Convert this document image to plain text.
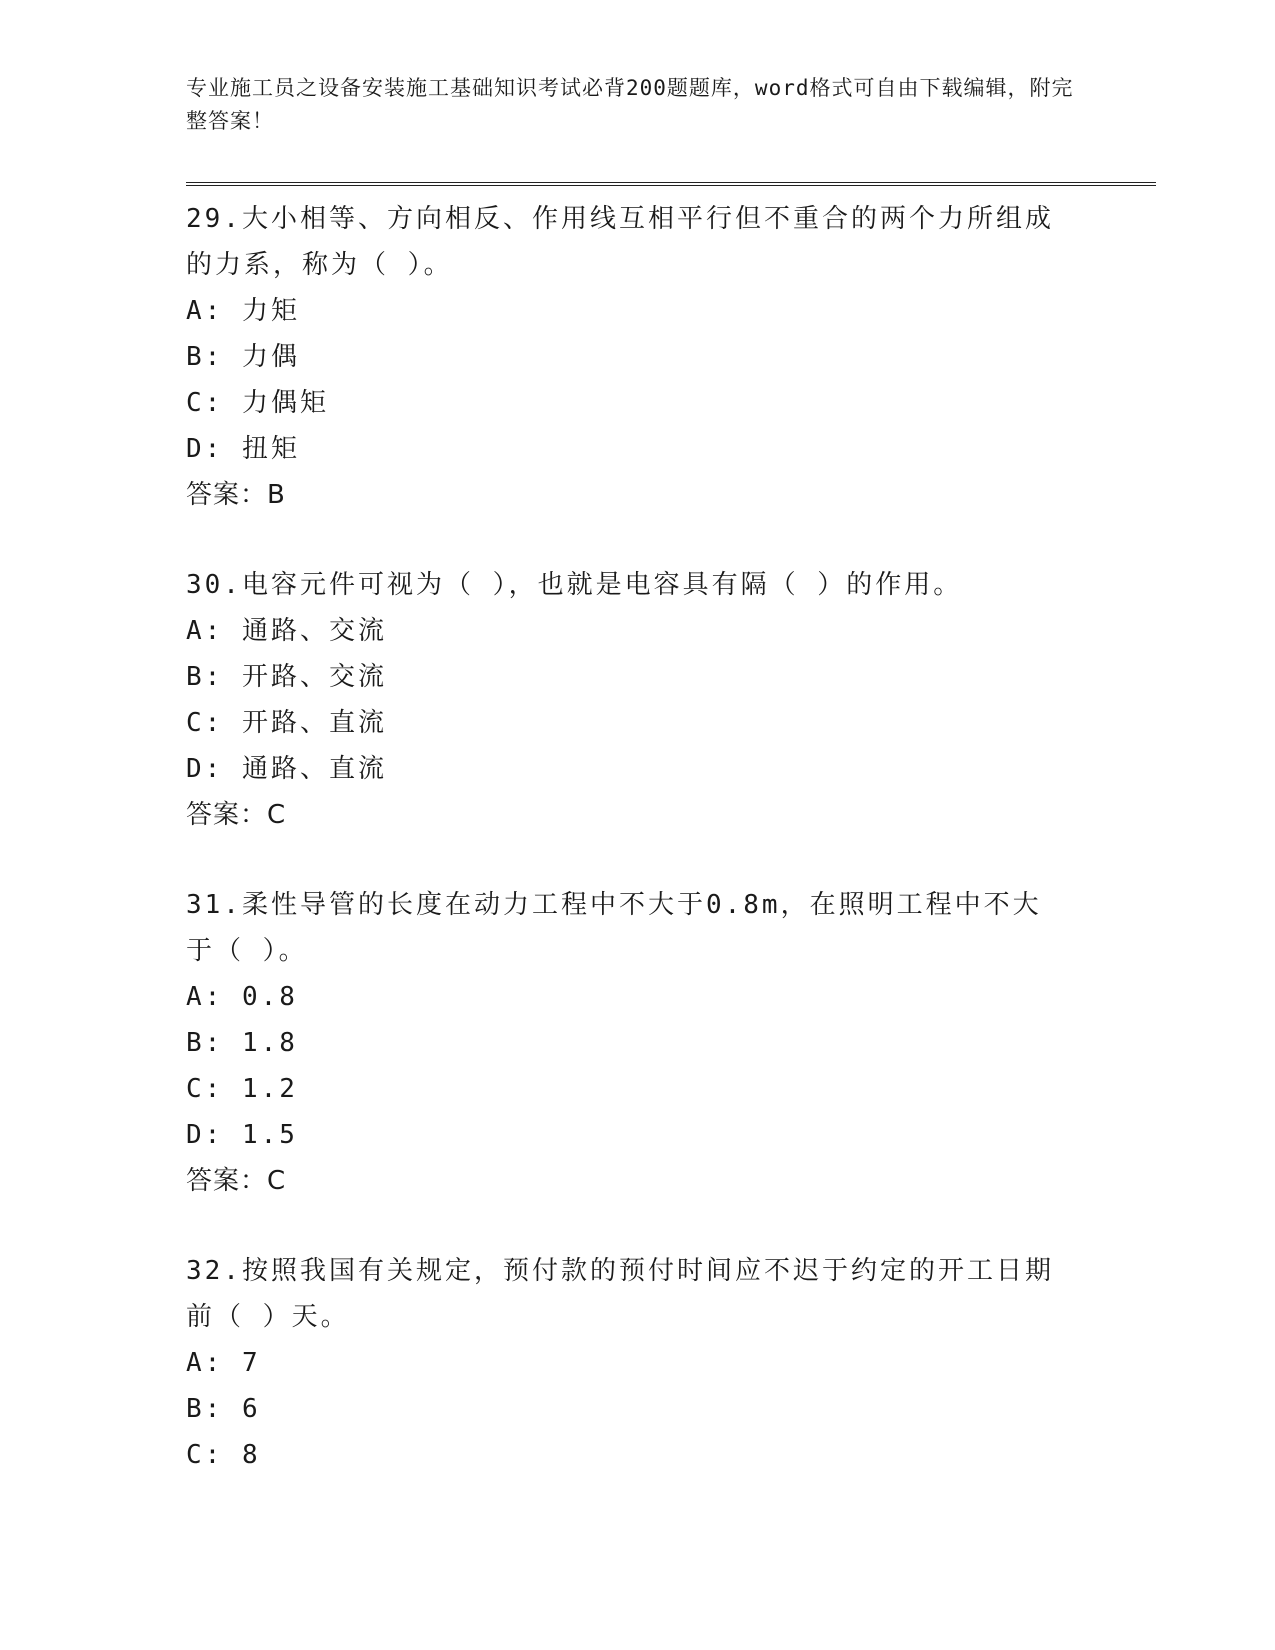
专业施工员之设备安装施工基础知识考试必背200题题库，word格式可自由下载编辑，附完整答案！

29.大小相等、方向相反、作用线互相平行但不重合的两个力所组成的力系，称为（ ）。

A: 力矩

B: 力偶

C: 力偶矩

D: 扭矩

答案：B

30.电容元件可视为（ ），也就是电容具有隔（ ）的作用。

A: 通路、交流

B: 开路、交流

C: 开路、直流

D: 通路、直流

答案：C

31.柔性导管的长度在动力工程中不大于0.8m，在照明工程中不大于（ ）。

A: 0.8

B: 1.8

C: 1.2

D: 1.5

答案：C

32.按照我国有关规定，预付款的预付时间应不迟于约定的开工日期前（ ）天。

A: 7

B: 6

C: 8
